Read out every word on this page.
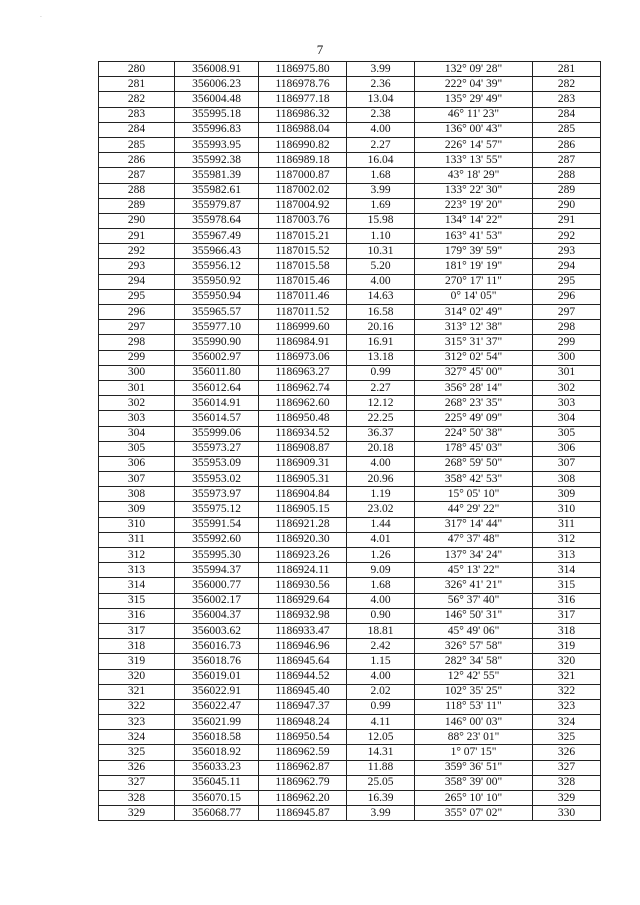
·
7
280	356008.91	1186975.80	3.99	132° 09' 28"	281
281	356006.23	1186978.76	2.36	222° 04' 39"	282
282	356004.48	1186977.18	13.04	135° 29' 49"	283
283	355995.18	1186986.32	2.38	46° 11' 23"	284
284	355996.83	1186988.04	4.00	136° 00' 43"	285
285	355993.95	1186990.82	2.27	226° 14' 57"	286
286	355992.38	1186989.18	16.04	133° 13' 55"	287
287	355981.39	1187000.87	1.68	43° 18' 29"	288
288	355982.61	1187002.02	3.99	133° 22' 30"	289
289	355979.87	1187004.92	1.69	223° 19' 20"	290
290	355978.64	1187003.76	15.98	134° 14' 22"	291
291	355967.49	1187015.21	1.10	163° 41' 53"	292
292	355966.43	1187015.52	10.31	179° 39' 59"	293
293	355956.12	1187015.58	5.20	181° 19' 19"	294
294	355950.92	1187015.46	4.00	270° 17' 11"	295
295	355950.94	1187011.46	14.63	0° 14' 05"	296
296	355965.57	1187011.52	16.58	314° 02' 49"	297
297	355977.10	1186999.60	20.16	313° 12' 38"	298
298	355990.90	1186984.91	16.91	315° 31' 37"	299
299	356002.97	1186973.06	13.18	312° 02' 54"	300
300	356011.80	1186963.27	0.99	327° 45' 00"	301
301	356012.64	1186962.74	2.27	356° 28' 14"	302
302	356014.91	1186962.60	12.12	268° 23' 35"	303
303	356014.57	1186950.48	22.25	225° 49' 09"	304
304	355999.06	1186934.52	36.37	224° 50' 38"	305
305	355973.27	1186908.87	20.18	178° 45' 03"	306
306	355953.09	1186909.31	4.00	268° 59' 50"	307
307	355953.02	1186905.31	20.96	358° 42' 53"	308
308	355973.97	1186904.84	1.19	15° 05' 10"	309
309	355975.12	1186905.15	23.02	44° 29' 22"	310
310	355991.54	1186921.28	1.44	317° 14' 44"	311
311	355992.60	1186920.30	4.01	47° 37' 48"	312
312	355995.30	1186923.26	1.26	137° 34' 24"	313
313	355994.37	1186924.11	9.09	45° 13' 22"	314
314	356000.77	1186930.56	1.68	326° 41' 21"	315
315	356002.17	1186929.64	4.00	56° 37' 40"	316
316	356004.37	1186932.98	0.90	146° 50' 31"	317
317	356003.62	1186933.47	18.81	45° 49' 06"	318
318	356016.73	1186946.96	2.42	326° 57' 58"	319
319	356018.76	1186945.64	1.15	282° 34' 58"	320
320	356019.01	1186944.52	4.00	12° 42' 55"	321
321	356022.91	1186945.40	2.02	102° 35' 25"	322
322	356022.47	1186947.37	0.99	118° 53' 11"	323
323	356021.99	1186948.24	4.11	146° 00' 03"	324
324	356018.58	1186950.54	12.05	88° 23' 01"	325
325	356018.92	1186962.59	14.31	1° 07' 15"	326
326	356033.23	1186962.87	11.88	359° 36' 51"	327
327	356045.11	1186962.79	25.05	358° 39' 00"	328
328	356070.15	1186962.20	16.39	265° 10' 10"	329
329	356068.77	1186945.87	3.99	355° 07' 02"	330
